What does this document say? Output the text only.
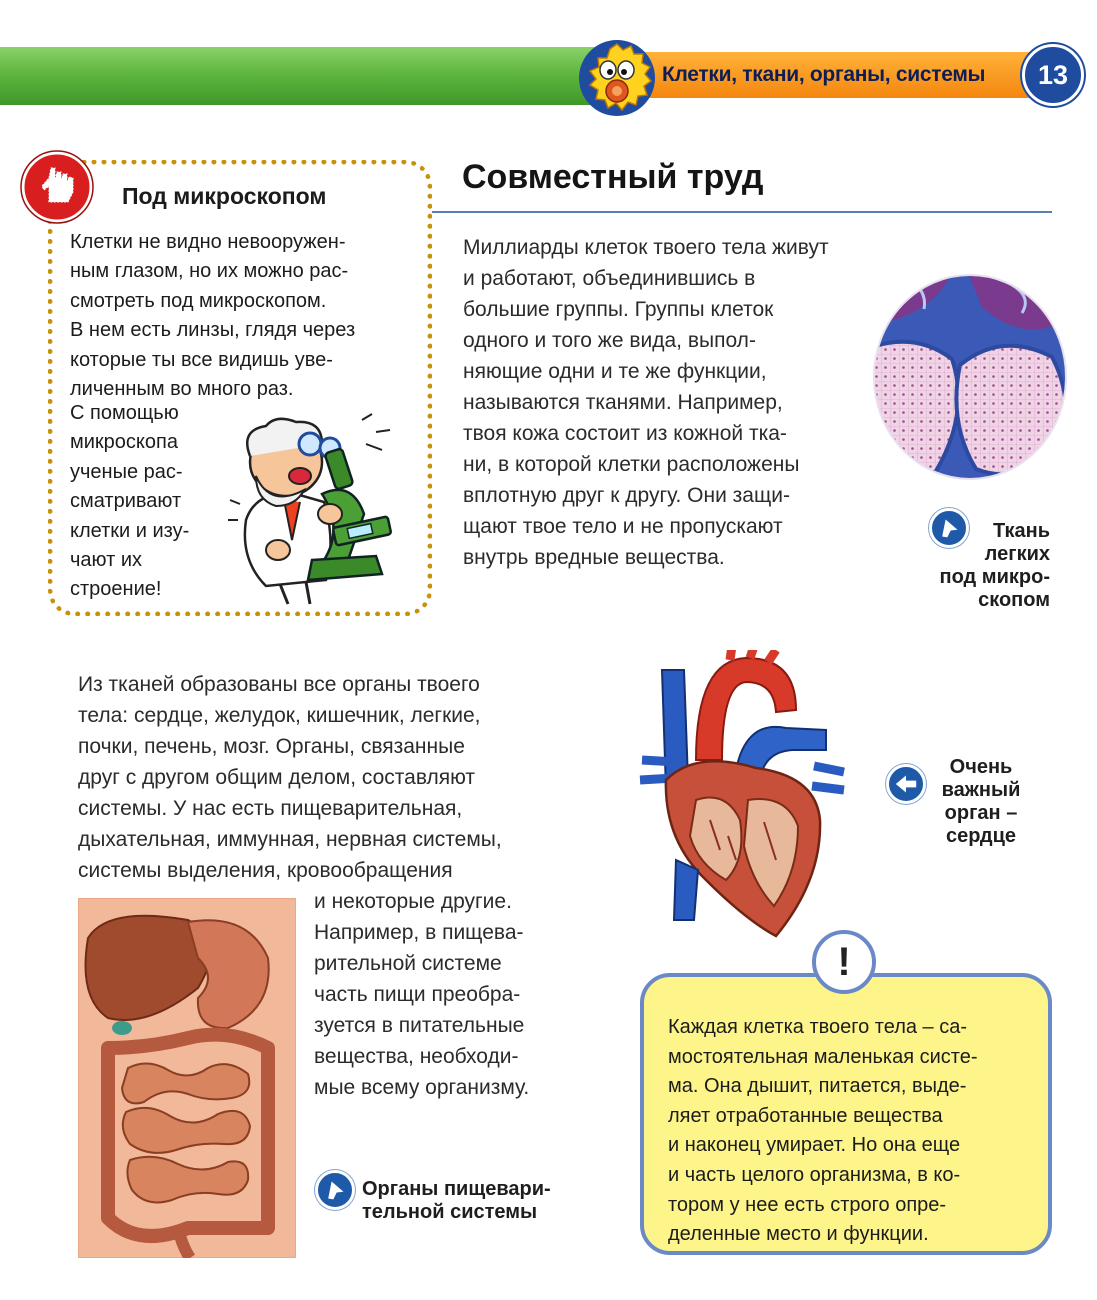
Клетки, ткани, органы, системы	13
Под микроскопом
Клетки не видно невооружен-
ным глазом, но их можно рас-
смотреть под микроскопом.
В нем есть линзы, глядя через
которые ты все видишь уве-
личенным во много раз.
С помощью
микроскопа
ученые рас-
сматривают
клетки и изу-
чают их
строение!
Совместный труд
Миллиарды клеток твоего тела живут
и работают, объединившись в
большие группы. Группы клеток
одного и того же вида, выпол-
няющие одни и те же функции,
называются тканями. Например,
твоя кожа состоит из кожной тка-
ни, в которой клетки расположены
вплотную друг к другу. Они защи-
щают твое тело и не пропускают
внутрь вредные вещества.
Ткань
легких
под микро-
скопом
Из тканей образованы все органы твоего
тела: сердце, желудок, кишечник, легкие,
почки, печень, мозг. Органы, связанные
друг с другом общим делом, составляют
системы. У нас есть пищеварительная,
дыхательная, иммунная, нервная системы,
системы выделения, кровообращения
и некоторые другие.
Например, в пищева-
рительной системе
часть пищи преобра-
зуется в питательные
вещества, необходи-
мые всему организму.
Органы пищевари-
тельной системы
Очень
важный
орган –
сердце
!
Каждая клетка твоего тела – са-
мостоятельная маленькая систе-
ма. Она дышит, питается, выде-
ляет отработанные вещества
и наконец умирает. Но она еще
и часть целого организма, в ко-
тором у нее есть строго опре-
деленные место и функции.
